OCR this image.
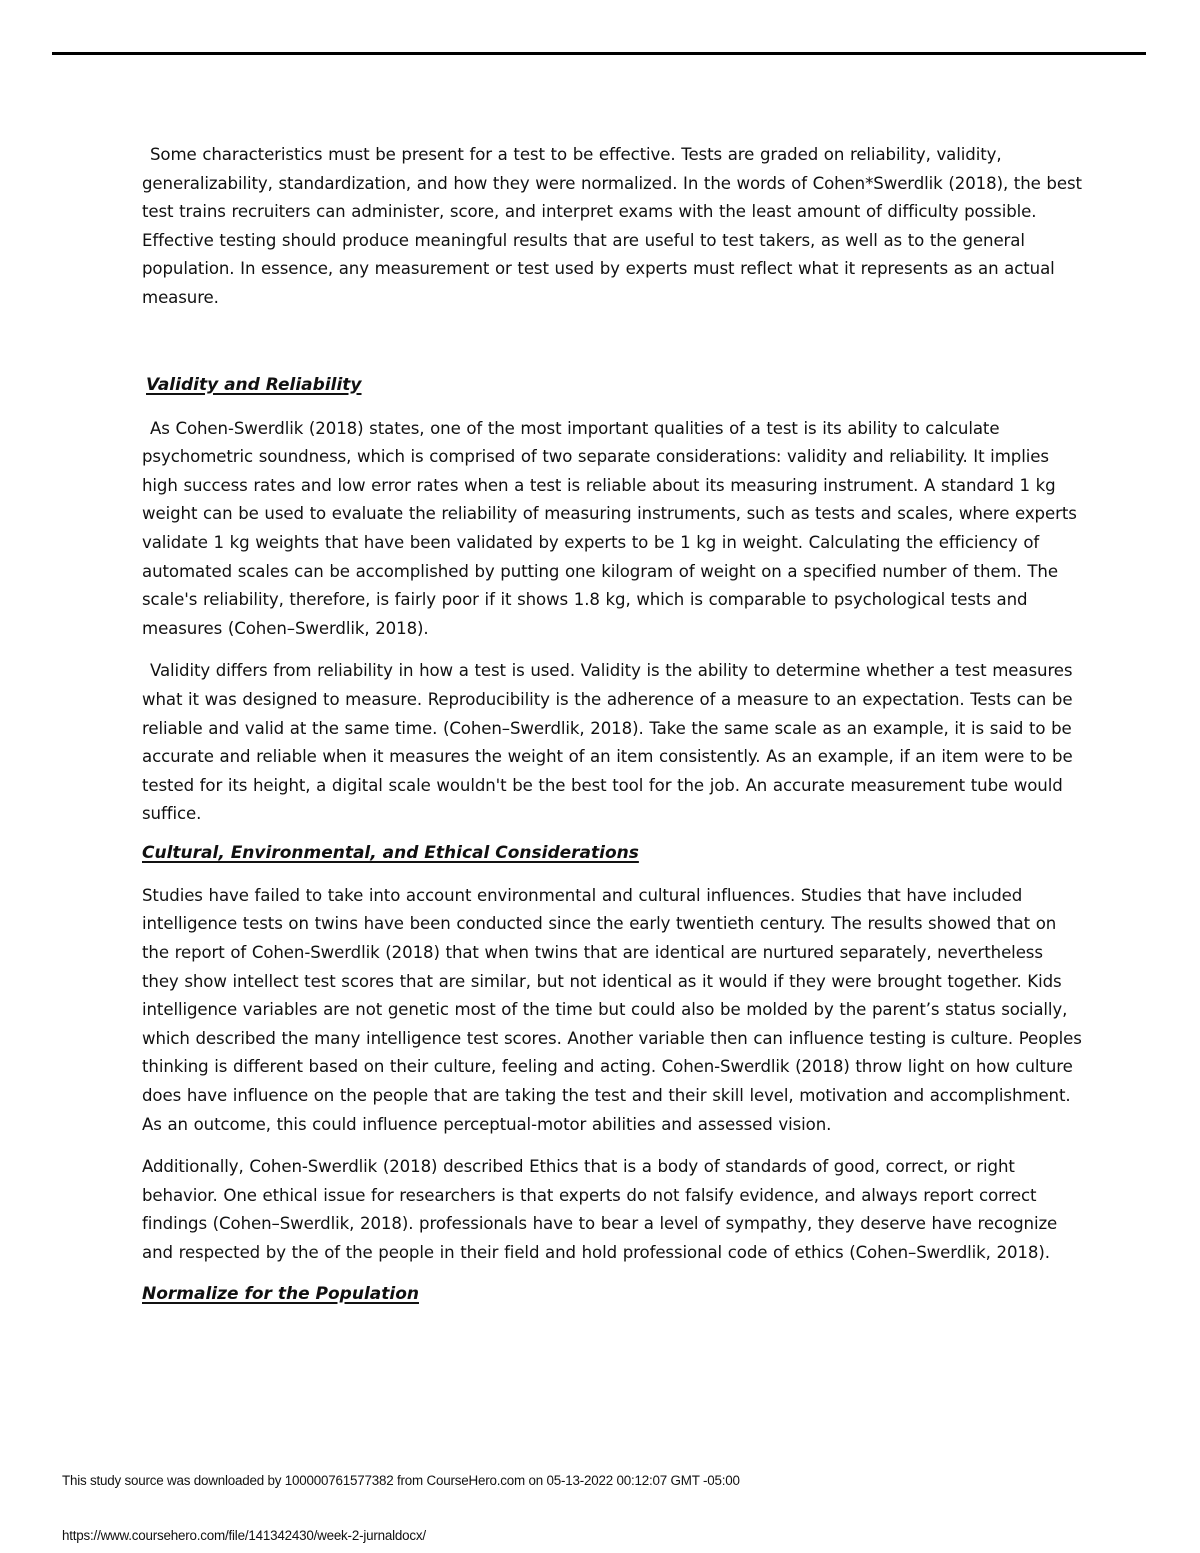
Some characteristics must be present for a test to be effective. Tests are graded on reliability, validity, generalizability, standardization, and how they were normalized. In the words of Cohen*Swerdlik (2018), the best test trains recruiters can administer, score, and interpret exams with the least amount of difficulty possible. Effective testing should produce meaningful results that are useful to test takers, as well as to the general population. In essence, any measurement or test used by experts must reflect what it represents as an actual measure.

Validity and Reliability

As Cohen-Swerdlik (2018) states, one of the most important qualities of a test is its ability to calculate psychometric soundness, which is comprised of two separate considerations: validity and reliability. It implies high success rates and low error rates when a test is reliable about its measuring instrument. A standard 1 kg weight can be used to evaluate the reliability of measuring instruments, such as tests and scales, where experts validate 1 kg weights that have been validated by experts to be 1 kg in weight. Calculating the efficiency of automated scales can be accomplished by putting one kilogram of weight on a specified number of them. The scale's reliability, therefore, is fairly poor if it shows 1.8 kg, which is comparable to psychological tests and measures (Cohen–Swerdlik, 2018).

Validity differs from reliability in how a test is used. Validity is the ability to determine whether a test measures what it was designed to measure. Reproducibility is the adherence of a measure to an expectation. Tests can be reliable and valid at the same time. (Cohen–Swerdlik, 2018). Take the same scale as an example, it is said to be accurate and reliable when it measures the weight of an item consistently. As an example, if an item were to be tested for its height, a digital scale wouldn't be the best tool for the job. An accurate measurement tube would suffice.

Cultural, Environmental, and Ethical Considerations

Studies have failed to take into account environmental and cultural influences. Studies that have included intelligence tests on twins have been conducted since the early twentieth century. The results showed that on the report of Cohen-Swerdlik (2018) that when twins that are identical are nurtured separately, nevertheless they show intellect test scores that are similar, but not identical as it would if they were brought together. Kids intelligence variables are not genetic most of the time but could also be molded by the parent’s status socially, which described the many intelligence test scores. Another variable then can influence testing is culture. Peoples thinking is different based on their culture, feeling and acting. Cohen-Swerdlik (2018) throw light on how culture does have influence on the people that are taking the test and their skill level, motivation and accomplishment. As an outcome, this could influence perceptual-motor abilities and assessed vision.

Additionally, Cohen-Swerdlik (2018) described Ethics that is a body of standards of good, correct, or right behavior. One ethical issue for researchers is that experts do not falsify evidence, and always report correct findings (Cohen–Swerdlik, 2018). professionals have to bear a level of sympathy, they deserve have recognize and respected by the of the people in their field and hold professional code of ethics (Cohen–Swerdlik, 2018).

Normalize for the Population
This study source was downloaded by 100000761577382 from CourseHero.com on 05-13-2022 00:12:07 GMT -05:00
https://www.coursehero.com/file/141342430/week-2-jurnaldocx/
